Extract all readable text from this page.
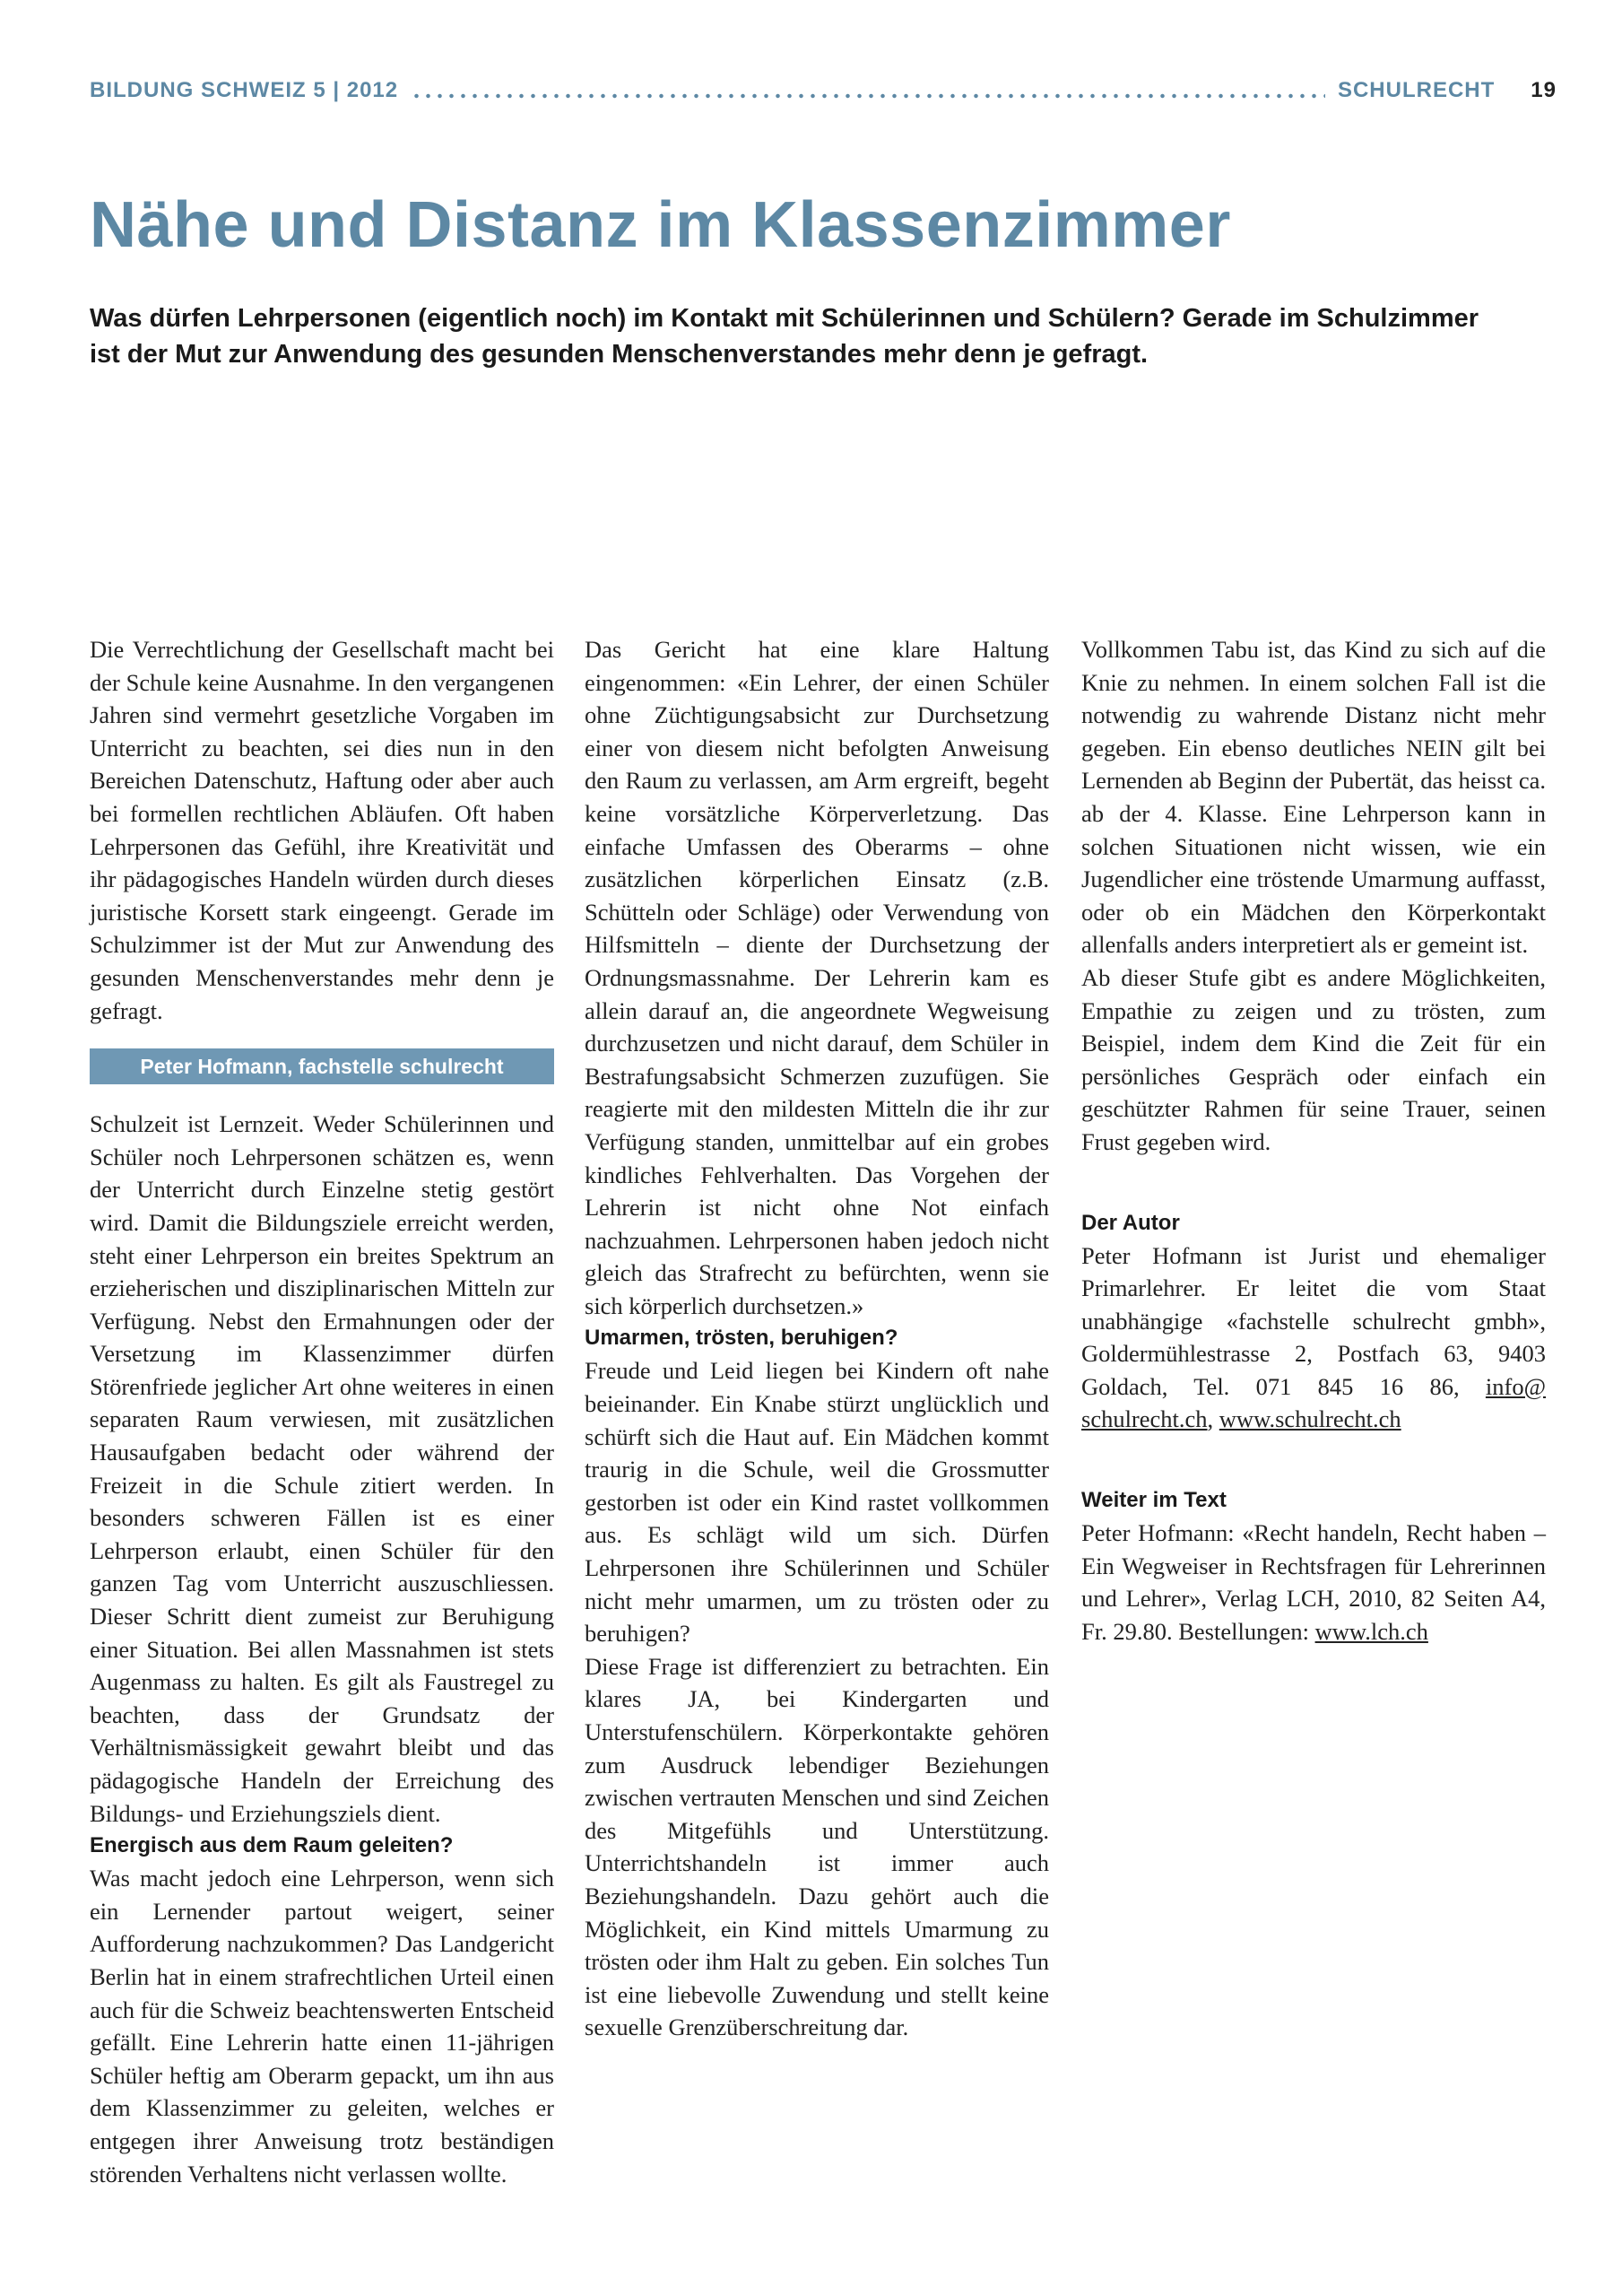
BILDUNG SCHWEIZ 5 | 2012	SCHULRECHT 19
Nähe und Distanz im Klassenzimmer

Was dürfen Lehrpersonen (eigentlich noch) im Kontakt mit Schülerinnen und Schülern? Gerade im Schulzimmer ist der Mut zur Anwendung des gesunden Menschenverstandes mehr denn je gefragt.

Die Verrechtlichung der Gesellschaft macht bei der Schule keine Ausnahme. In den vergangenen Jahren sind vermehrt gesetzliche Vorgaben im Unterricht zu beachten, sei dies nun in den Bereichen Datenschutz, Haftung oder aber auch bei formellen rechtlichen Abläufen. Oft haben Lehrpersonen das Gefühl, ihre Kreativität und ihr pädagogisches Handeln würden durch dieses juristische Korsett stark eingeengt. Gerade im Schulzimmer ist der Mut zur Anwendung des gesunden Menschenverstandes mehr denn je gefragt.

Peter Hofmann, fachstelle schulrecht

Schulzeit ist Lernzeit. Weder Schülerinnen und Schüler noch Lehrpersonen schätzen es, wenn der Unterricht durch Einzelne stetig gestört wird. Damit die Bildungsziele erreicht werden, steht einer Lehrperson ein breites Spektrum an erzieherischen und disziplinarischen Mitteln zur Verfügung. Nebst den Ermahnungen oder der Versetzung im Klassenzimmer dürfen Störenfriede jeglicher Art ohne weiteres in einen separaten Raum verwiesen, mit zusätzlichen Hausaufgaben bedacht oder während der Freizeit in die Schule zitiert werden. In besonders schweren Fällen ist es einer Lehrperson erlaubt, einen Schüler für den ganzen Tag vom Unterricht auszuschliessen. Dieser Schritt dient zumeist zur Beruhigung einer Situation. Bei allen Massnahmen ist stets Augenmass zu halten. Es gilt als Faustregel zu beachten, dass der Grundsatz der Verhältnismässigkeit gewahrt bleibt und das pädagogische Handeln der Erreichung des Bildungs- und Erziehungsziels dient.

Energisch aus dem Raum geleiten?

Was macht jedoch eine Lehrperson, wenn sich ein Lernender partout weigert, seiner Aufforderung nachzukommen? Das Landgericht Berlin hat in einem strafrechtlichen Urteil einen auch für die Schweiz beachtenswerten Entscheid gefällt. Eine Lehrerin hatte einen 11-jährigen Schüler heftig am Oberarm gepackt, um ihn aus dem Klassenzimmer zu geleiten, welches er entgegen ihrer Anweisung trotz beständigen störenden Verhaltens nicht verlassen wollte.

Das Gericht hat eine klare Haltung eingenommen: «Ein Lehrer, der einen Schüler ohne Züchtigungsabsicht zur Durchsetzung einer von diesem nicht befolgten Anweisung den Raum zu verlassen, am Arm ergreift, begeht keine vorsätzliche Körperverletzung. Das einfache Umfassen des Oberarms – ohne zusätzlichen körperlichen Einsatz (z.B. Schütteln oder Schläge) oder Verwendung von Hilfsmitteln – diente der Durchsetzung der Ordnungsmassnahme. Der Lehrerin kam es allein darauf an, die angeordnete Wegweisung durchzusetzen und nicht darauf, dem Schüler in Bestrafungsabsicht Schmerzen zuzufügen. Sie reagierte mit den mildesten Mitteln die ihr zur Verfügung standen, unmittelbar auf ein grobes kindliches Fehlverhalten. Das Vorgehen der Lehrerin ist nicht ohne Not einfach nachzuahmen. Lehrpersonen haben jedoch nicht gleich das Strafrecht zu befürchten, wenn sie sich körperlich durchsetzen.»

Umarmen, trösten, beruhigen?

Freude und Leid liegen bei Kindern oft nahe beieinander. Ein Knabe stürzt unglücklich und schürft sich die Haut auf. Ein Mädchen kommt traurig in die Schule, weil die Grossmutter gestorben ist oder ein Kind rastet vollkommen aus. Es schlägt wild um sich. Dürfen Lehrpersonen ihre Schülerinnen und Schüler nicht mehr umarmen, um zu trösten oder zu beruhigen?

Diese Frage ist differenziert zu betrachten. Ein klares JA, bei Kindergarten und Unterstufenschülern. Körperkontakte gehören zum Ausdruck lebendiger Beziehungen zwischen vertrauten Menschen und sind Zeichen des Mitgefühls und Unterstützung. Unterrichtshandeln ist immer auch Beziehungshandeln. Dazu gehört auch die Möglichkeit, ein Kind mittels Umarmung zu trösten oder ihm Halt zu geben. Ein solches Tun ist eine liebevolle Zuwendung und stellt keine sexuelle Grenzüberschreitung dar.

Vollkommen Tabu ist, das Kind zu sich auf die Knie zu nehmen. In einem solchen Fall ist die notwendig zu wahrende Distanz nicht mehr gegeben. Ein ebenso deutliches NEIN gilt bei Lernenden ab Beginn der Pubertät, das heisst ca. ab der 4. Klasse. Eine Lehrperson kann in solchen Situationen nicht wissen, wie ein Jugendlicher eine tröstende Umarmung auffasst, oder ob ein Mädchen den Körperkontakt allenfalls anders interpretiert als er gemeint ist.

Ab dieser Stufe gibt es andere Möglichkeiten, Empathie zu zeigen und zu trösten, zum Beispiel, indem dem Kind die Zeit für ein persönliches Gespräch oder einfach ein geschützter Rahmen für seine Trauer, seinen Frust gegeben wird.

Der Autor

Peter Hofmann ist Jurist und ehemaliger Primarlehrer. Er leitet die vom Staat unabhängige «fachstelle schulrecht gmbh», Goldermühlestrasse 2, Postfach 63, 9403 Goldach, Tel. 071 845 16 86, info@ schulrecht.ch, www.schulrecht.ch

Weiter im Text

Peter Hofmann: «Recht handeln, Recht haben – Ein Wegweiser in Rechtsfragen für Lehrerinnen und Lehrer», Verlag LCH, 2010, 82 Seiten A4, Fr. 29.80. Bestellungen: www.lch.ch
